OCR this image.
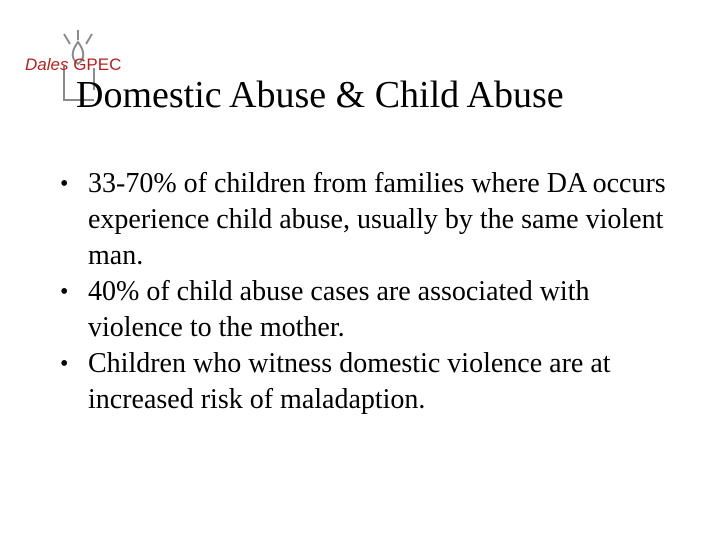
Dales GPEC
Domestic Abuse & Child Abuse
• 33-70% of children from families where DA occurs experience child abuse, usually by the same violent man.
• 40% of child abuse cases are associated with violence to the mother.
• Children who witness domestic violence are at increased risk of maladaption.
